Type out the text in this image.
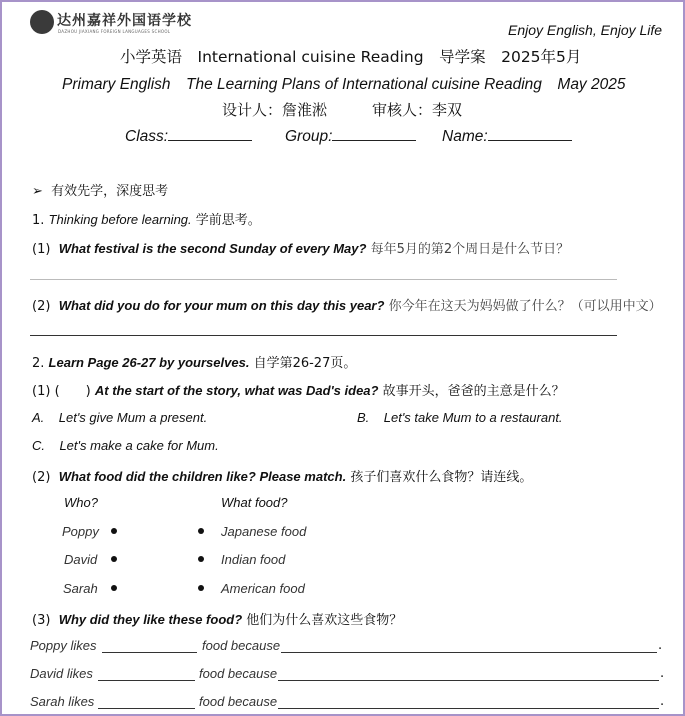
达州嘉祥外国语学校
DAZHOU JIAXIANG FOREIGN LANGUAGES SCHOOL	Enjoy English, Enjoy Life
小学英语　International cuisine Reading　导学案　2025年5月
Primary English　The Learning Plans of International cuisine Reading　May 2025
设计人：詹淮淞　　　审核人：李双
Class:	Group:	Name:
➢ 有效先学，深度思考
1. Thinking before learning. 学前思考。
(1) What festival is the second Sunday of every May? 每年5月的第2个周日是什么节日？
(2) What did you do for your mum on this day this year? 你今年在这天为妈妈做了什么？（可以用中文）
2. Learn Page 26-27 by yourselves. 自学第26-27页。
(1) (　　) At the start of the story, what was Dad's idea? 故事开头，爸爸的主意是什么？
A. Let's give Mum a present.	B. Let's take Mum to a restaurant.
C. Let's make a cake for Mum.
(2) What food did the children like? Please match. 孩子们喜欢什么食物？请连线。
Who?	What food?
Poppy	Japanese food
David	Indian food
Sarah	American food
(3) Why did they like these food? 他们为什么喜欢这些食物？
Poppy likes	food because	.
David likes	food because	.
Sarah likes	food because	.
